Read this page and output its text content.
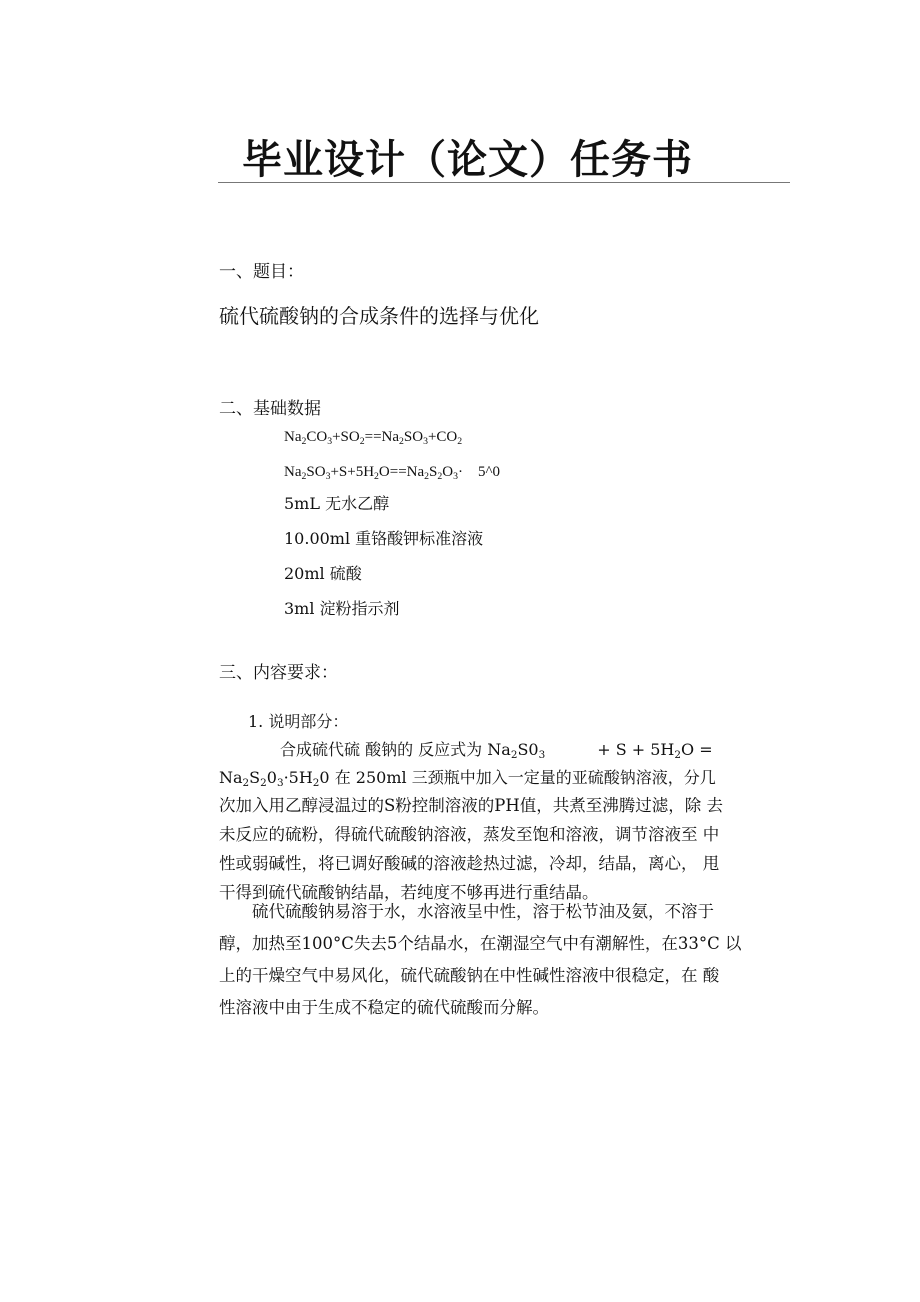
毕业设计（论文）任务书
一、题目：
硫代硫酸钠的合成条件的选择与优化
二、基础数据
$Na_2CO_3+SO_2==Na_2SO_3+CO_2$
$Na_2SO_3+S+5H_2O==Na_2S_2O_3\cdot$　5^0
5mL 无水乙醇
10.00ml 重铬酸钾标准溶液
20ml 硫酸
3ml 淀粉指示剂
三、内容要求：
1. 说明部分：
合成硫代硫 酸钠的 反应式为 $Na_2S0_3$	+ $S + 5H_2O$ =
$Na_2S_20_3\cdot 5H_20$ 在 250ml 三颈瓶中加入一定量的亚硫酸钠溶液，分几

次加入用乙醇浸温过的S粉控制溶液的PH值，共煮至沸腾过滤，除 去

未反应的硫粉，得硫代硫酸钠溶液，蒸发至饱和溶液，调节溶液至 中

性或弱碱性，将已调好酸碱的溶液趁热过滤，冷却，结晶，离心， 甩

干得到硫代硫酸钠结晶，若纯度不够再进行重结晶。

　　硫代硫酸钠易溶于水，水溶液呈中性，溶于松节油及氨，不溶于

醇，加热至100°C失去5个结晶水，在潮湿空气中有潮解性，在33°C 以

上的干燥空气中易风化，硫代硫酸钠在中性碱性溶液中很稳定，在 酸

性溶液中由于生成不稳定的硫代硫酸而分解。
